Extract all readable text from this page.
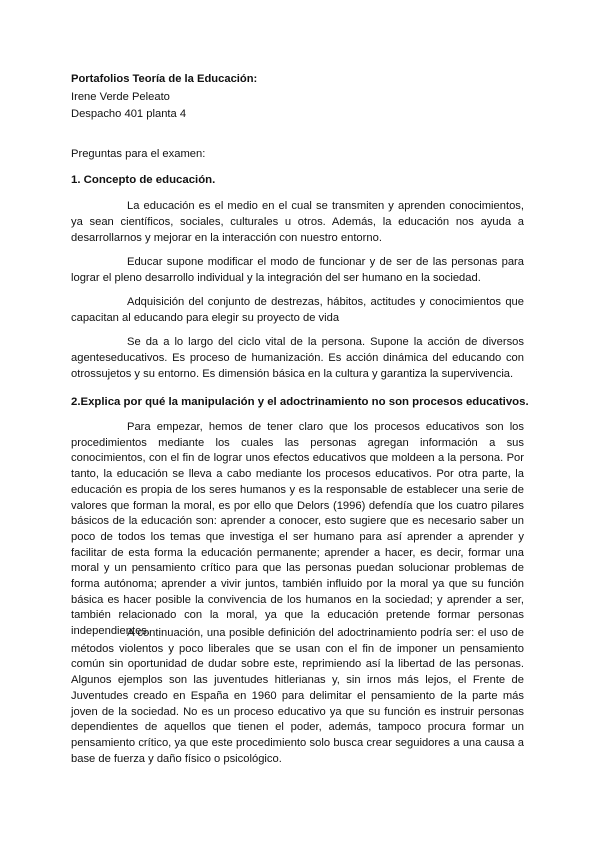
Portafolios Teoría de la Educación:
Irene Verde Peleato
Despacho 401 planta 4
Preguntas para el examen:
1. Concepto de educación.

La educación es el medio en el cual se transmiten y aprenden conocimientos, ya sean científicos, sociales, culturales u otros. Además, la educación nos ayuda a desarrollarnos y mejorar en la interacción con nuestro entorno.

Educar supone modificar el modo de funcionar y de ser de las personas para lograr el pleno desarrollo individual y la integración del ser humano en la sociedad.

Adquisición del conjunto de destrezas, hábitos, actitudes y conocimientos que capacitan al educando para elegir su proyecto de vida

Se da a lo largo del ciclo vital de la persona. Supone la acción de diversos agenteseducativos. Es proceso de humanización. Es acción dinámica del educando con otrossujetos y su entorno. Es dimensión básica en la cultura y garantiza la supervivencia.

2.Explica por qué la manipulación y el adoctrinamiento no son procesos educativos.

Para empezar, hemos de tener claro que los procesos educativos son los procedimientos mediante los cuales las personas agregan información a sus conocimientos, con el fin de lograr unos efectos educativos que moldeen a la persona. Por tanto, la educación se lleva a cabo mediante los procesos educativos. Por otra parte, la educación es propia de los seres humanos y es la responsable de establecer una serie de valores que forman la moral, es por ello que Delors (1996) defendía que los cuatro pilares básicos de la educación son: aprender a conocer, esto sugiere que es necesario saber un poco de todos los temas que investiga el ser humano para así aprender a aprender y facilitar de esta forma la educación permanente; aprender a hacer, es decir, formar una moral y un pensamiento crítico para que las personas puedan solucionar problemas de forma autónoma; aprender a vivir juntos, también influido por la moral ya que su función básica es hacer posible la convivencia de los humanos en la sociedad; y aprender a ser, también relacionado con la moral, ya que la educación pretende formar personas independientes.

A continuación, una posible definición del adoctrinamiento podría ser: el uso de métodos violentos y poco liberales que se usan con el fin de imponer un pensamiento común sin oportunidad de dudar sobre este, reprimiendo así la libertad de las personas. Algunos ejemplos son las juventudes hitlerianas y, sin irnos más lejos, el Frente de Juventudes creado en España en 1960 para delimitar el pensamiento de la parte más joven de la sociedad. No es un proceso educativo ya que su función es instruir personas dependientes de aquellos que tienen el poder, además, tampoco procura formar un pensamiento crítico, ya que este procedimiento solo busca crear seguidores a una causa a base de fuerza y daño físico o psicológico.
